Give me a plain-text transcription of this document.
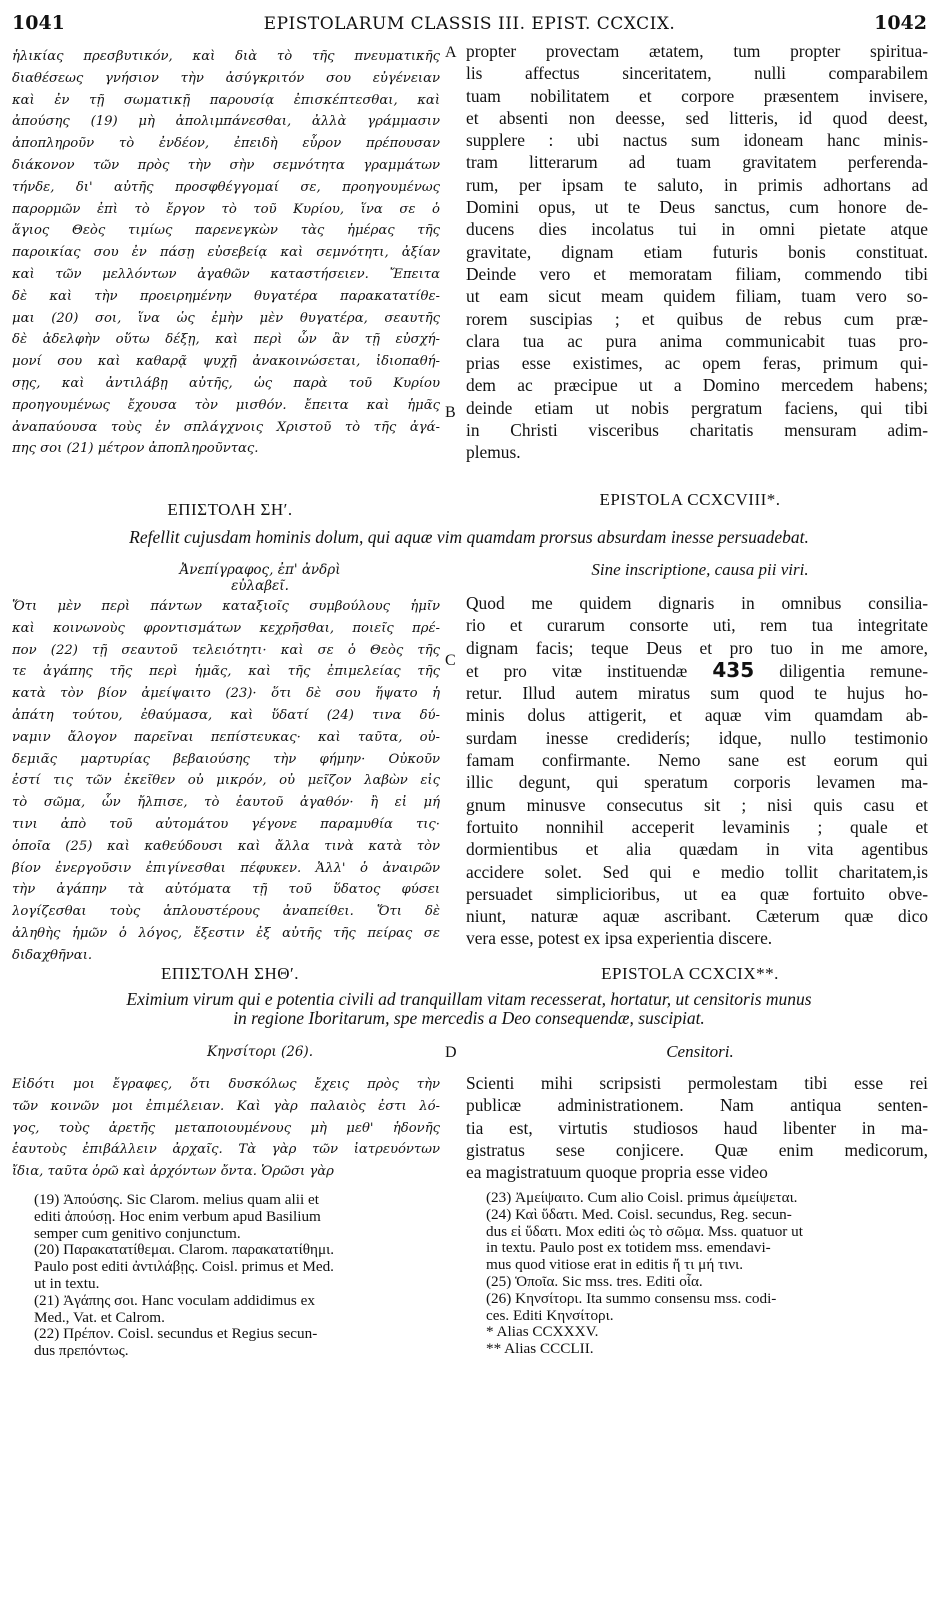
1041	EPISTOLARUM CLASSIS III. EPIST. CCXCIX.	1042
ἡλικίας πρεσβυτικόν, καὶ διὰ τὸ τῆς πνευματικῆς
διαθέσεως γνήσιον τὴν ἀσύγκριτόν σου εὐγένειαν
καὶ ἐν τῇ σωματικῇ παρουσίᾳ ἐπισκέπτεσθαι, καὶ
ἀπούσης (19) μὴ ἀπολιμπάνεσθαι, ἀλλὰ γράμμασιν
ἀποπληροῦν τὸ ἐνδέον, ἐπειδὴ εὗρον πρέπουσαν
διάκονον τῶν πρὸς τὴν σὴν σεμνότητα γραμμάτων
τήνδε, δι' αὐτῆς προσφθέγγομαί σε, προηγουμένως
παρορμῶν ἐπὶ τὸ ἔργον τὸ τοῦ Κυρίου, ἵνα σε ὁ
ἅγιος Θεὸς τιμίως παρενεγκὼν τὰς ἡμέρας τῆς
παροικίας σου ἐν πάσῃ εὐσεβείᾳ καὶ σεμνότητι, ἀξίαν
καὶ τῶν μελλόντων ἀγαθῶν καταστήσειεν. Ἔπειτα
δὲ καὶ τὴν προειρημένην θυγατέρα παρακατατίθε-
μαι (20) σοι, ἵνα ὡς ἐμὴν μὲν θυγατέρα, σεαυτῆς
δὲ ἀδελφὴν οὕτω δέξῃ, καὶ περὶ ὧν ἂν τῇ εὐσχή-
μονί σου καὶ καθαρᾷ ψυχῇ ἀνακοινώσεται, ἰδιοπαθή-
σῃς, καὶ ἀντιλάβῃ αὐτῆς, ὡς παρὰ τοῦ Κυρίου
προηγουμένως ἔχουσα τὸν μισθόν. ἔπειτα καὶ ἡμᾶς
ἀναπαύουσα τοὺς ἐν σπλάγχνοις Χριστοῦ τὸ τῆς ἀγά-
πης σοι (21) μέτρον ἀποπληροῦντας.
propter provectam ætatem, tum propter spiritua-
lis affectus sinceritatem, nulli comparabilem
tuam nobilitatem et corpore præsentem invisere,
et absenti non deesse, sed litteris, id quod deest,
supplere : ubi nactus sum idoneam hanc minis-
tram litterarum ad tuam gravitatem perferenda-
rum, per ipsam te saluto, in primis adhortans ad
Domini opus, ut te Deus sanctus, cum honore de-
ducens dies incolatus tui in omni pietate atque
gravitate, dignam etiam futuris bonis constituat.
Deinde vero et memoratam filiam, commendo tibi
ut eam sicut meam quidem filiam, tuam vero so-
rorem suscipias ; et quibus de rebus cum præ-
clara tua ac pura anima communicabit tuas pro-
prias esse existimes, ac opem feras, primum qui-
dem ac præcipue ut a Domino mercedem habens;
deinde etiam ut nobis pergratum faciens, qui tibi
in Christi visceribus charitatis mensuram adim-
plemus.
A
B
ΕΠΙΣΤΟΛΗ ΣΗʹ.
EPISTOLA CCXCVIII*.
Refellit cujusdam hominis dolum, qui aquæ vim quamdam prorsus absurdam inesse persuadebat.
Ἀνεπίγραφος, ἐπ' ἀνδρὶ εὐλαβεῖ.
Sine inscriptione, causa pii viri.
Ὅτι μὲν περὶ πάντων καταξιοῖς συμβούλους ἡμῖν
καὶ κοινωνοὺς φροντισμάτων κεχρῆσθαι, ποιεῖς πρέ-
πον (22) τῇ σεαυτοῦ τελειότητι· καὶ σε ὁ Θεὸς τῆς
τε ἀγάπης τῆς περὶ ἡμᾶς, καὶ τῆς ἐπιμελείας τῆς
κατὰ τὸν βίον ἀμείψαιτο (23)· ὅτι δὲ σου ἥψατο ἡ
ἀπάτη τούτου, ἐθαύμασα, καὶ ὕδατί (24) τινα δύ-
ναμιν ἄλογον παρεῖναι πεπίστευκας· καὶ ταῦτα, οὐ-
δεμιᾶς μαρτυρίας βεβαιούσης τὴν φήμην· Οὐκοῦν
ἐστί τις τῶν ἐκεῖθεν οὐ μικρόν, οὐ μεῖζον λαβὼν εἰς
τὸ σῶμα, ὧν ἤλπισε, τὸ ἑαυτοῦ ἀγαθόν· ἢ εἰ μή
τινι ἀπὸ τοῦ αὐτομάτου γέγονε παραμυθία τις·
ὁποῖα (25) καὶ καθεύδουσι καὶ ἄλλα τινὰ κατὰ τὸν
βίον ἐνεργοῦσιν ἐπιγίνεσθαι πέφυκεν. Ἀλλ' ὁ ἀναιρῶν
τὴν ἀγάπην τὰ αὐτόματα τῇ τοῦ ὕδατος φύσει
λογίζεσθαι τοὺς ἁπλουστέρους ἀναπείθει. Ὅτι δὲ
ἀληθὴς ἡμῶν ὁ λόγος, ἔξεστιν ἐξ αὐτῆς τῆς πείρας σε
διδαχθῆναι.
Quod me quidem dignaris in omnibus consilia-
rio et curarum consorte uti, rem tua integritate
dignam facis; teque Deus et pro tuo in me amore,
et pro vitæ instituendæ 435 diligentia remune-
retur. Illud autem miratus sum quod te hujus ho-
minis dolus attigerit, et aquæ vim quamdam ab-
surdam inesse crediderís; idque, nullo testimonio
famam confirmante. Nemo sane est eorum qui
illic degunt, qui speratum corporis levamen ma-
gnum minusve consecutus sit ; nisi quis casu et
fortuito nonnihil acceperit levaminis ; quale et
dormientibus et alia quædam in vita agentibus
accidere solet. Sed qui e medio tollit charitatem,is
persuadet simplicioribus, ut ea quæ fortuito obve-
niunt, naturæ aquæ ascribant. Cæterum quæ dico
vera esse, potest ex ipsa experientia discere.
C
ΕΠΙΣΤΟΛΗ ΣΗΘʹ.	EPISTOLA CCXCIX**.
Eximium virum qui e potentia civili ad tranquillam vitam recesserat, hortatur, ut censitoris munus
in regione Iboritarum, spe mercedis a Deo consequendæ, suscipiat.
Κηνσίτορι (26).	D	Censitori.
Εἰδότι μοι ἔγραφες, ὅτι δυσκόλως ἔχεις πρὸς τὴν
τῶν κοινῶν μοι ἐπιμέλειαν. Καὶ γὰρ παλαιὸς ἐστι λό-
γος, τοὺς ἀρετῆς μεταποιουμένους μὴ μεθ' ἡδονῆς
ἑαυτοὺς ἐπιβάλλειν ἀρχαῖς. Τὰ γὰρ τῶν ἰατρευόντων
ἴδια, ταῦτα ὁρῶ καὶ ἀρχόντων ὄντα. Ὁρῶσι γὰρ
Scienti mihi scripsisti permolestam tibi esse rei
publicæ administrationem. Nam antiqua senten-
tia est, virtutis studiosos haud libenter in ma-
gistratus sese conjicere. Quæ enim medicorum,
ea magistratuum quoque propria esse video
(19) Ἀπούσης. Sic Clarom. melius quam alii et
editi ἀπούσῃ. Hoc enim verbum apud Basilium
semper cum genitivo conjunctum.
(20) Παρακατατίθεμαι. Clarom. παρακατατίθημι.
Paulo post editi ἀντιλάβῃς. Coisl. primus et Med.
ut in textu.
(21) Ἀγάπης σοι. Hanc voculam addidimus ex
Med., Vat. et Calrom.
(22) Πρέπον. Coisl. secundus et Regius secun-
dus πρεπόντως.
(23) Ἀμείψαιτο. Cum alio Coisl. primus ἀμείψεται.
(24) Καὶ ὕδατι. Med. Coisl. secundus, Reg. secun-
dus εἰ ὕδατι. Mox editi ὡς τὸ σῶμα. Mss. quatuor ut
in textu. Paulo post ex totidem mss. emendavi-
mus quod vitiose erat in editis ἤ τι μή τινι.
(25) Ὁποῖα. Sic mss. tres. Editi οἷα.
(26) Κηνσίτορι. Ita summo consensu mss. codi-
ces. Editi Κηνσίτορι.
* Alias CCXXXV.
** Alias CCCLII.
